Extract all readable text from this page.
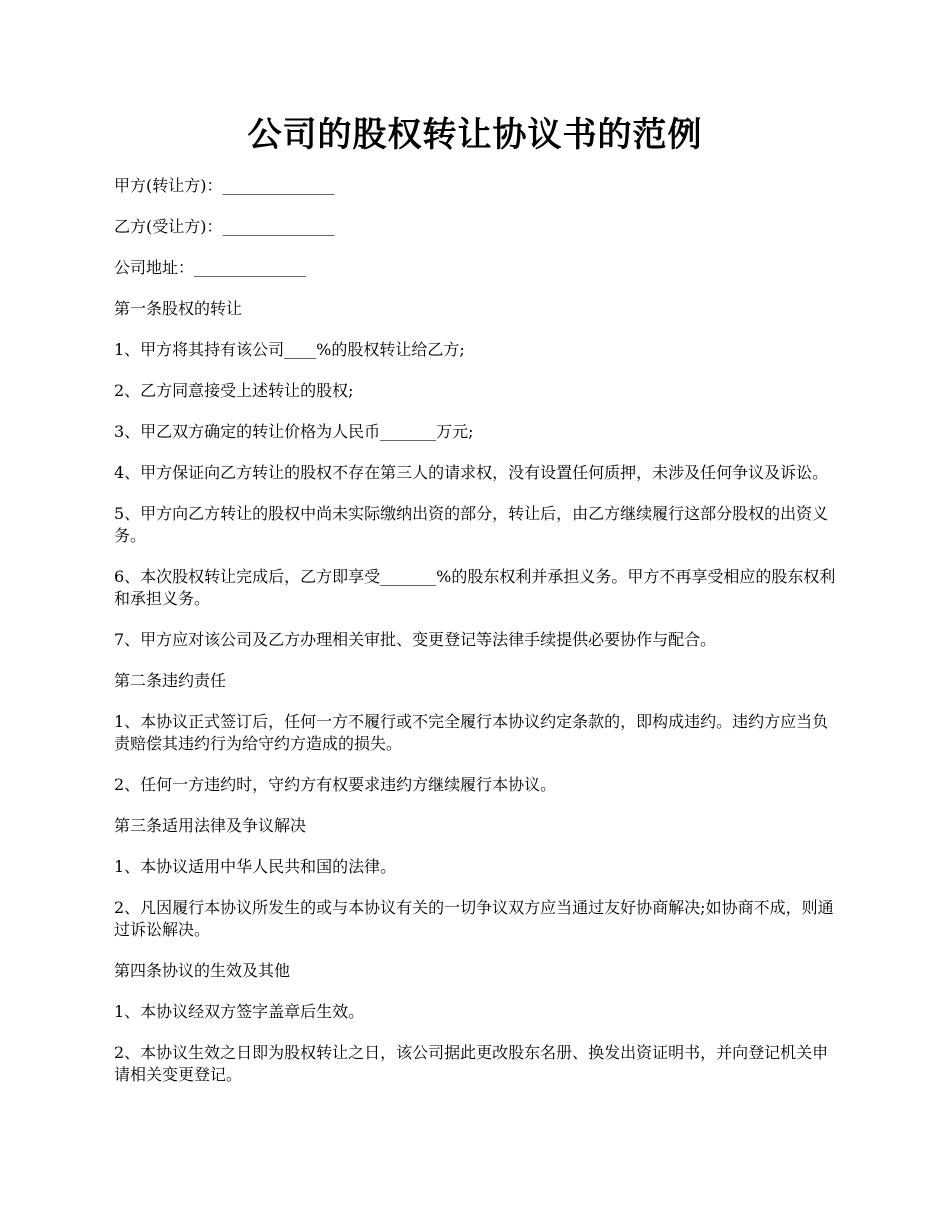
公司的股权转让协议书的范例

甲方(转让方)：______________

乙方(受让方)：______________

公司地址：______________

第一条股权的转让

1、甲方将其持有该公司____%的股权转让给乙方;

2、乙方同意接受上述转让的股权;

3、甲乙双方确定的转让价格为人民币_______万元;

4、甲方保证向乙方转让的股权不存在第三人的请求权，没有设置任何质押，未涉及任何争议及诉讼。

5、甲方向乙方转让的股权中尚未实际缴纳出资的部分，转让后，由乙方继续履行这部分股权的出资义务。

6、本次股权转让完成后，乙方即享受_______%的股东权利并承担义务。甲方不再享受相应的股东权利和承担义务。

7、甲方应对该公司及乙方办理相关审批、变更登记等法律手续提供必要协作与配合。

第二条违约责任

1、本协议正式签订后，任何一方不履行或不完全履行本协议约定条款的，即构成违约。违约方应当负责赔偿其违约行为给守约方造成的损失。

2、任何一方违约时，守约方有权要求违约方继续履行本协议。

第三条适用法律及争议解决

1、本协议适用中华人民共和国的法律。

2、凡因履行本协议所发生的或与本协议有关的一切争议双方应当通过友好协商解决;如协商不成，则通过诉讼解决。

第四条协议的生效及其他

1、本协议经双方签字盖章后生效。

2、本协议生效之日即为股权转让之日，该公司据此更改股东名册、换发出资证明书，并向登记机关申请相关变更登记。
